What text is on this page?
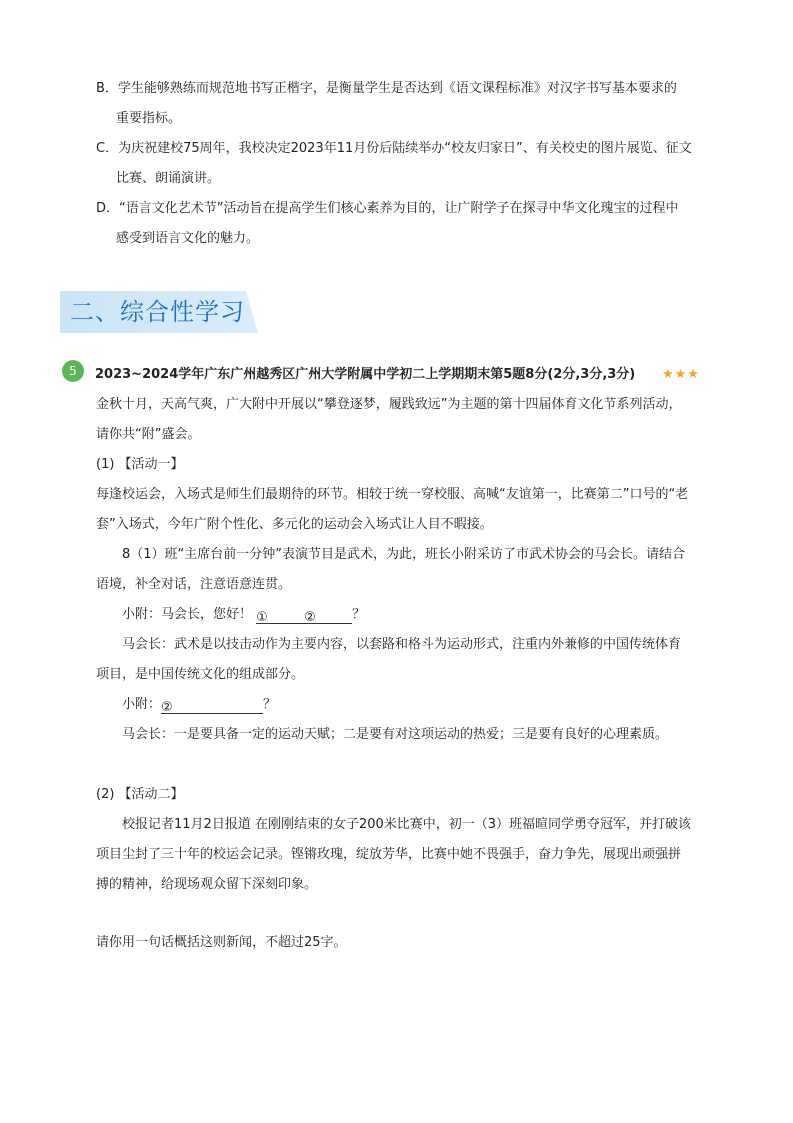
B．学生能够熟练而规范地书写正楷字，是衡量学生是否达到《语文课程标准》对汉字书写基本要求的
重要指标。
C．为庆祝建校75周年，我校决定2023年11月份后陆续举办“校友归家日”、有关校史的图片展览、征文
比赛、朗诵演讲。
D．“语言文化艺术节”活动旨在提高学生们核心素养为目的，让广附学子在探寻中华文化瑰宝的过程中
感受到语言文化的魅力。
二、综合性学习
5	2023~2024学年广东广州越秀区广州大学附属中学初二上学期期末第5题8分(2分,3分,3分) ★★★
金秋十月，天高气爽，广大附中开展以“攀登逐梦，履践致远”为主题的第十四届体育文化节系列活动，
请你共“附”盛会。
(1) 【活动一】
每逢校运会，入场式是师生们最期待的环节。相较于统一穿校服、高喊“友谊第一，比赛第二”口号的“老
套”入场式，今年广附个性化、多元化的运动会入场式让人目不暇接。
8（1）班“主席台前一分钟”表演节目是武术，为此，班长小附采访了市武术协会的马会长。请结合
语境，补全对话，注意语意连贯。
小附：马会长，您好！ ①	②	？
马会长：武术是以技击动作为主要内容，以套路和格斗为运动形式，注重内外兼修的中国传统体育
项目，是中国传统文化的组成部分。
小附：②	？
马会长：一是要具备一定的运动天赋；二是要有对这项运动的热爱；三是要有良好的心理素质。
(2) 【活动二】
校报记者11月2日报道 在刚刚结束的女子200米比赛中，初一（3）班福暄同学勇夺冠军，并打破该
项目尘封了三十年的校运会记录。铿锵玫瑰，绽放芳华，比赛中她不畏强手，奋力争先，展现出顽强拼
搏的精神，给现场观众留下深刻印象。
请你用一句话概括这则新闻，不超过25字。
